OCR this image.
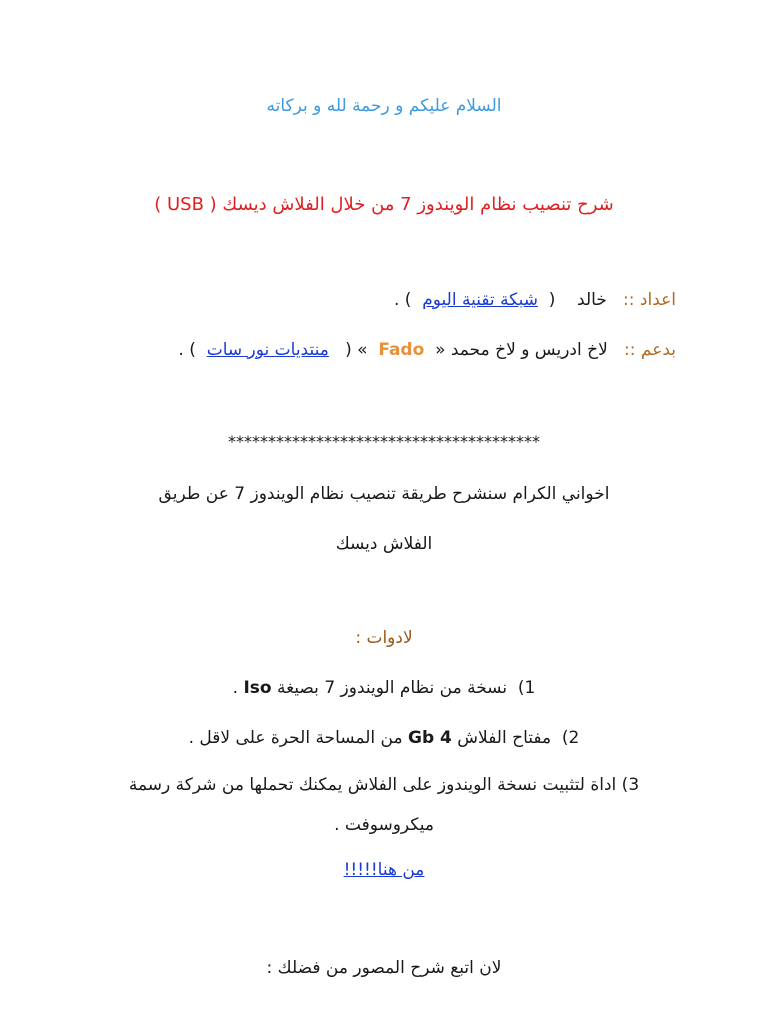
السلام عليكم و رحمة لله و بركاته
شرح تنصيب نظام الويندوز 7 من خلال الفلاش ديسك ( USB )
اعداد ::   خالد    (  شبكة تقنية اليوم  ) .
بدعم ::   لاخ ادريس و لاخ محمد «  Fado  » (   منتديات نور سات  ) .
***************************************
اخواني الكرام سنشرح طريقة تنصيب نظام الويندوز 7 عن طريق
الفلاش ديسك
لادوات :
1)  نسخة من نظام الويندوز 7 بصيغة Iso .
2)  مفتاح الفلاش 4 Gb من المساحة الحرة على لاقل .
3) اداة لتثبيت نسخة الويندوز على الفلاش يمكنك تحملها من شركة رسمة
ميكروسوفت .
من هنا!!!!!
لان اتبع شرح المصور من فضلك :
